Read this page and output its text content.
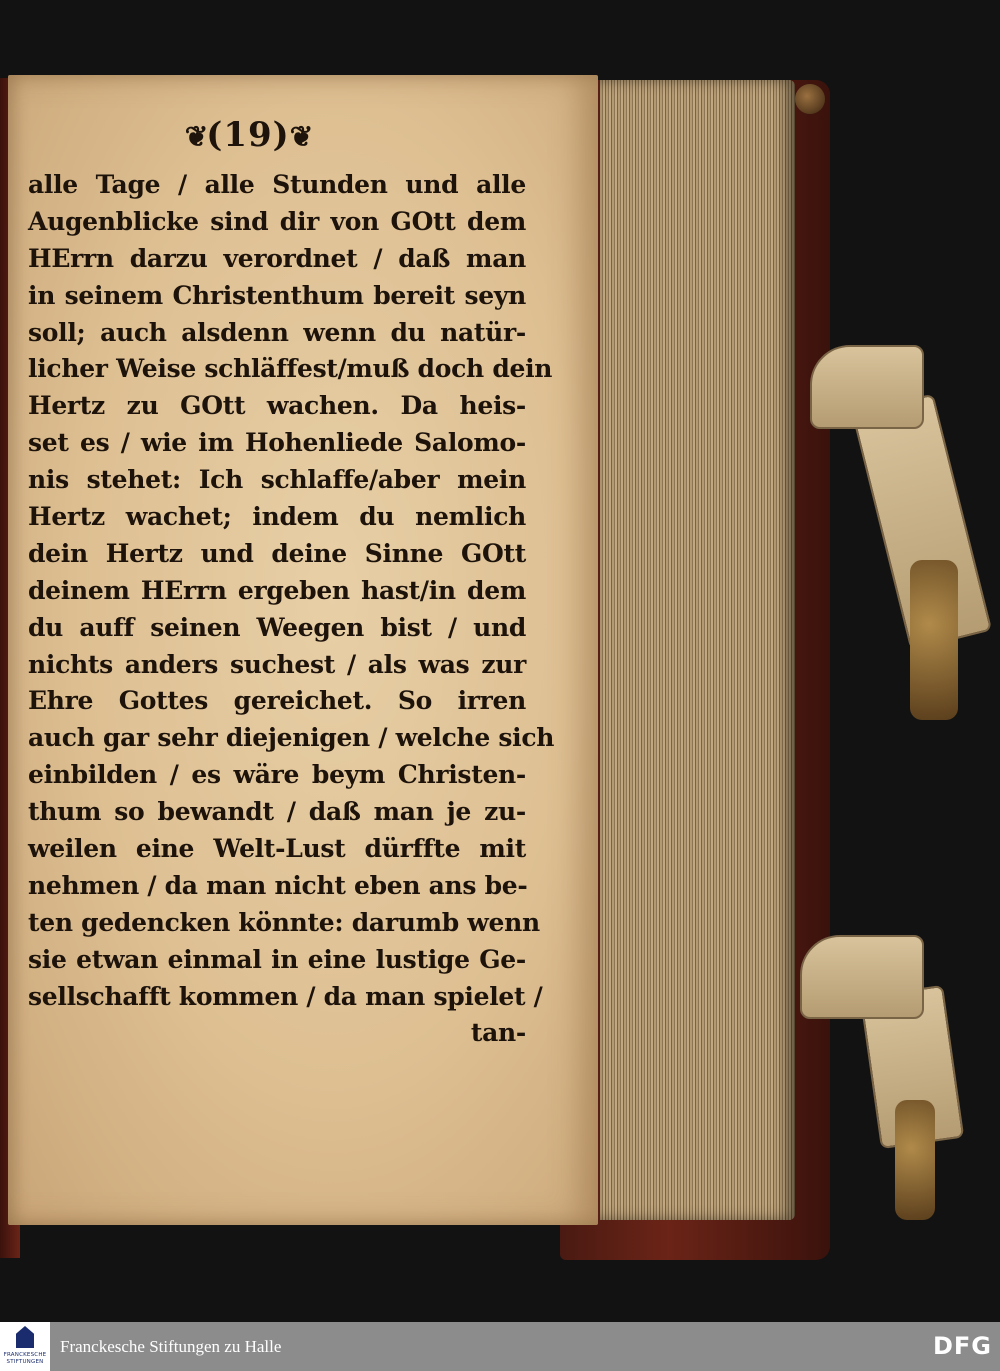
❦(19)❦
alle Tage / alle Stunden und alle
Augenblicke sind dir von GOtt dem
HErrn darzu verordnet / daß man
in seinem Christenthum bereit seyn
soll; auch alsdenn wenn du natür-
licher Weise schläffest/muß doch dein
Hertz zu GOtt wachen. Da heis-
set es / wie im Hohenliede Salomo-
nis stehet: Ich schlaffe/aber mein
Hertz wachet; indem du nemlich
dein Hertz und deine Sinne GOtt
deinem HErrn ergeben hast/in dem
du auff seinen Weegen bist / und
nichts anders suchest / als was zur
Ehre Gottes gereichet. So irren
auch gar sehr diejenigen / welche sich
einbilden / es wäre beym Christen-
thum so bewandt / daß man je zu-
weilen eine Welt-Lust dürffte mit
nehmen / da man nicht eben ans be-
ten gedencken könnte: darumb wenn
sie etwan einmal in eine lustige Ge-
sellschafft kommen / da man spielet /
tan-
FRANCKESCHE
STIFTUNGEN
Franckesche Stiftungen zu Halle	DFG
